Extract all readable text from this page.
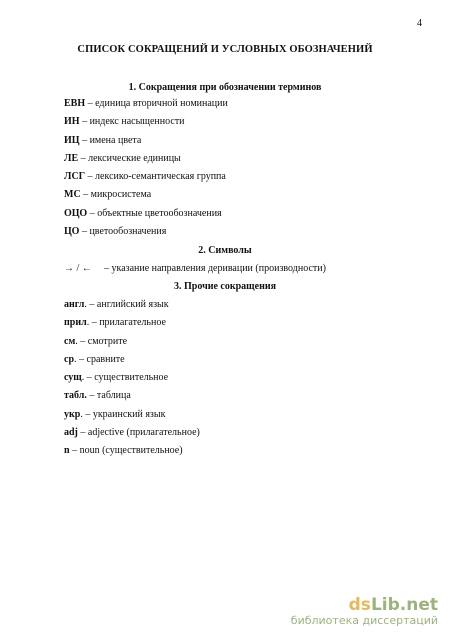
4
СПИСОК СОКРАЩЕНИЙ И УСЛОВНЫХ ОБОЗНАЧЕНИЙ
1. Сокращения при обозначении терминов
ЕВН – единица вторичной номинации
ИН – индекс насыщенности
ИЦ – имена цвета
ЛЕ – лексические единицы
ЛСГ – лексико-семантическая группа
МС – микросистема
ОЦО – объектные цветообозначения
ЦО – цветообозначения
2. Символы
→ / ← – указание направления деривации (производности)
3. Прочие сокращения
англ. – английский язык
прил. – прилагательное
см. – смотрите
ср. – сравните
сущ. – существительное
табл. – таблица
укр. – украинский язык
adj – adjective (прилагательное)
n – noun (существительное)
dsLib.net
библиотека диссертаций
